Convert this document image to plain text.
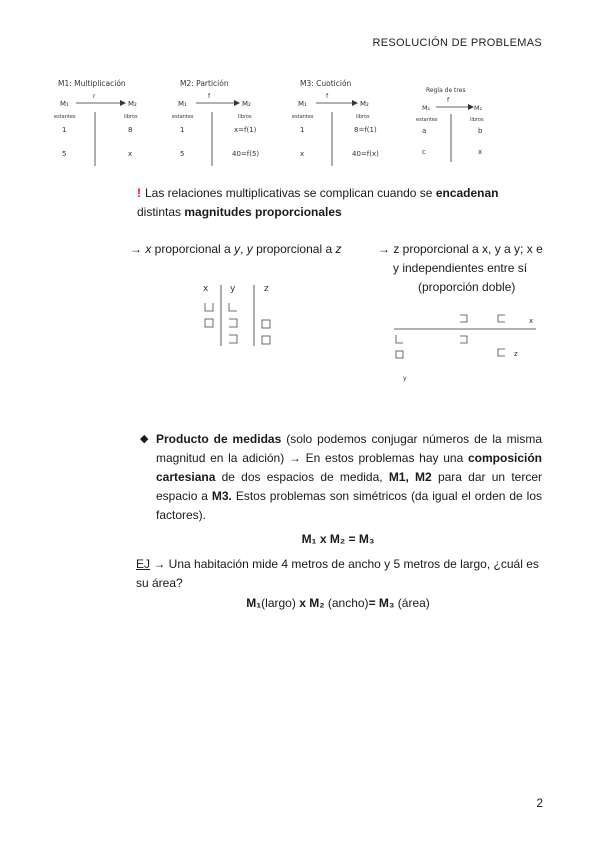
RESOLUCIÓN DE PROBLEMAS
M1: Multiplicación
M₁
estantes
M₂
libros
r
1	8
5	x
M2: Partición
M₁
estantes
M₂
libros
f
1	x=f(1)
5	40=f(5)
M3: Cuotición
M₁
estantes
M₂
libros
f
1	8=f(1)
x	40=f(x)
Regla de tres
M₁
estantes
M₂
libros
f
a	b
c	x
! Las relaciones multiplicativas se complican cuando se encadenan
distintas magnitudes proporcionales
→ x proporcional a y, y proporcional a z	→ z proporcional a x, y a y; x e
y independientes entre sí
(proporción doble)
x y	z
x
z
y
◆ Producto de medidas (solo podemos conjugar números de la misma magnitud en la adición) → En estos problemas hay una composición cartesiana de dos espacios de medida, M1, M2 para dar un tercer espacio a M3. Estos problemas son simétricos (da igual el orden de los factores).
M₁ x M₂ = M₃
EJ → Una habitación mide 4 metros de ancho y 5 metros de largo, ¿cuál es su área?
M₁(largo) x M₂ (ancho)= M₃ (área)
2
